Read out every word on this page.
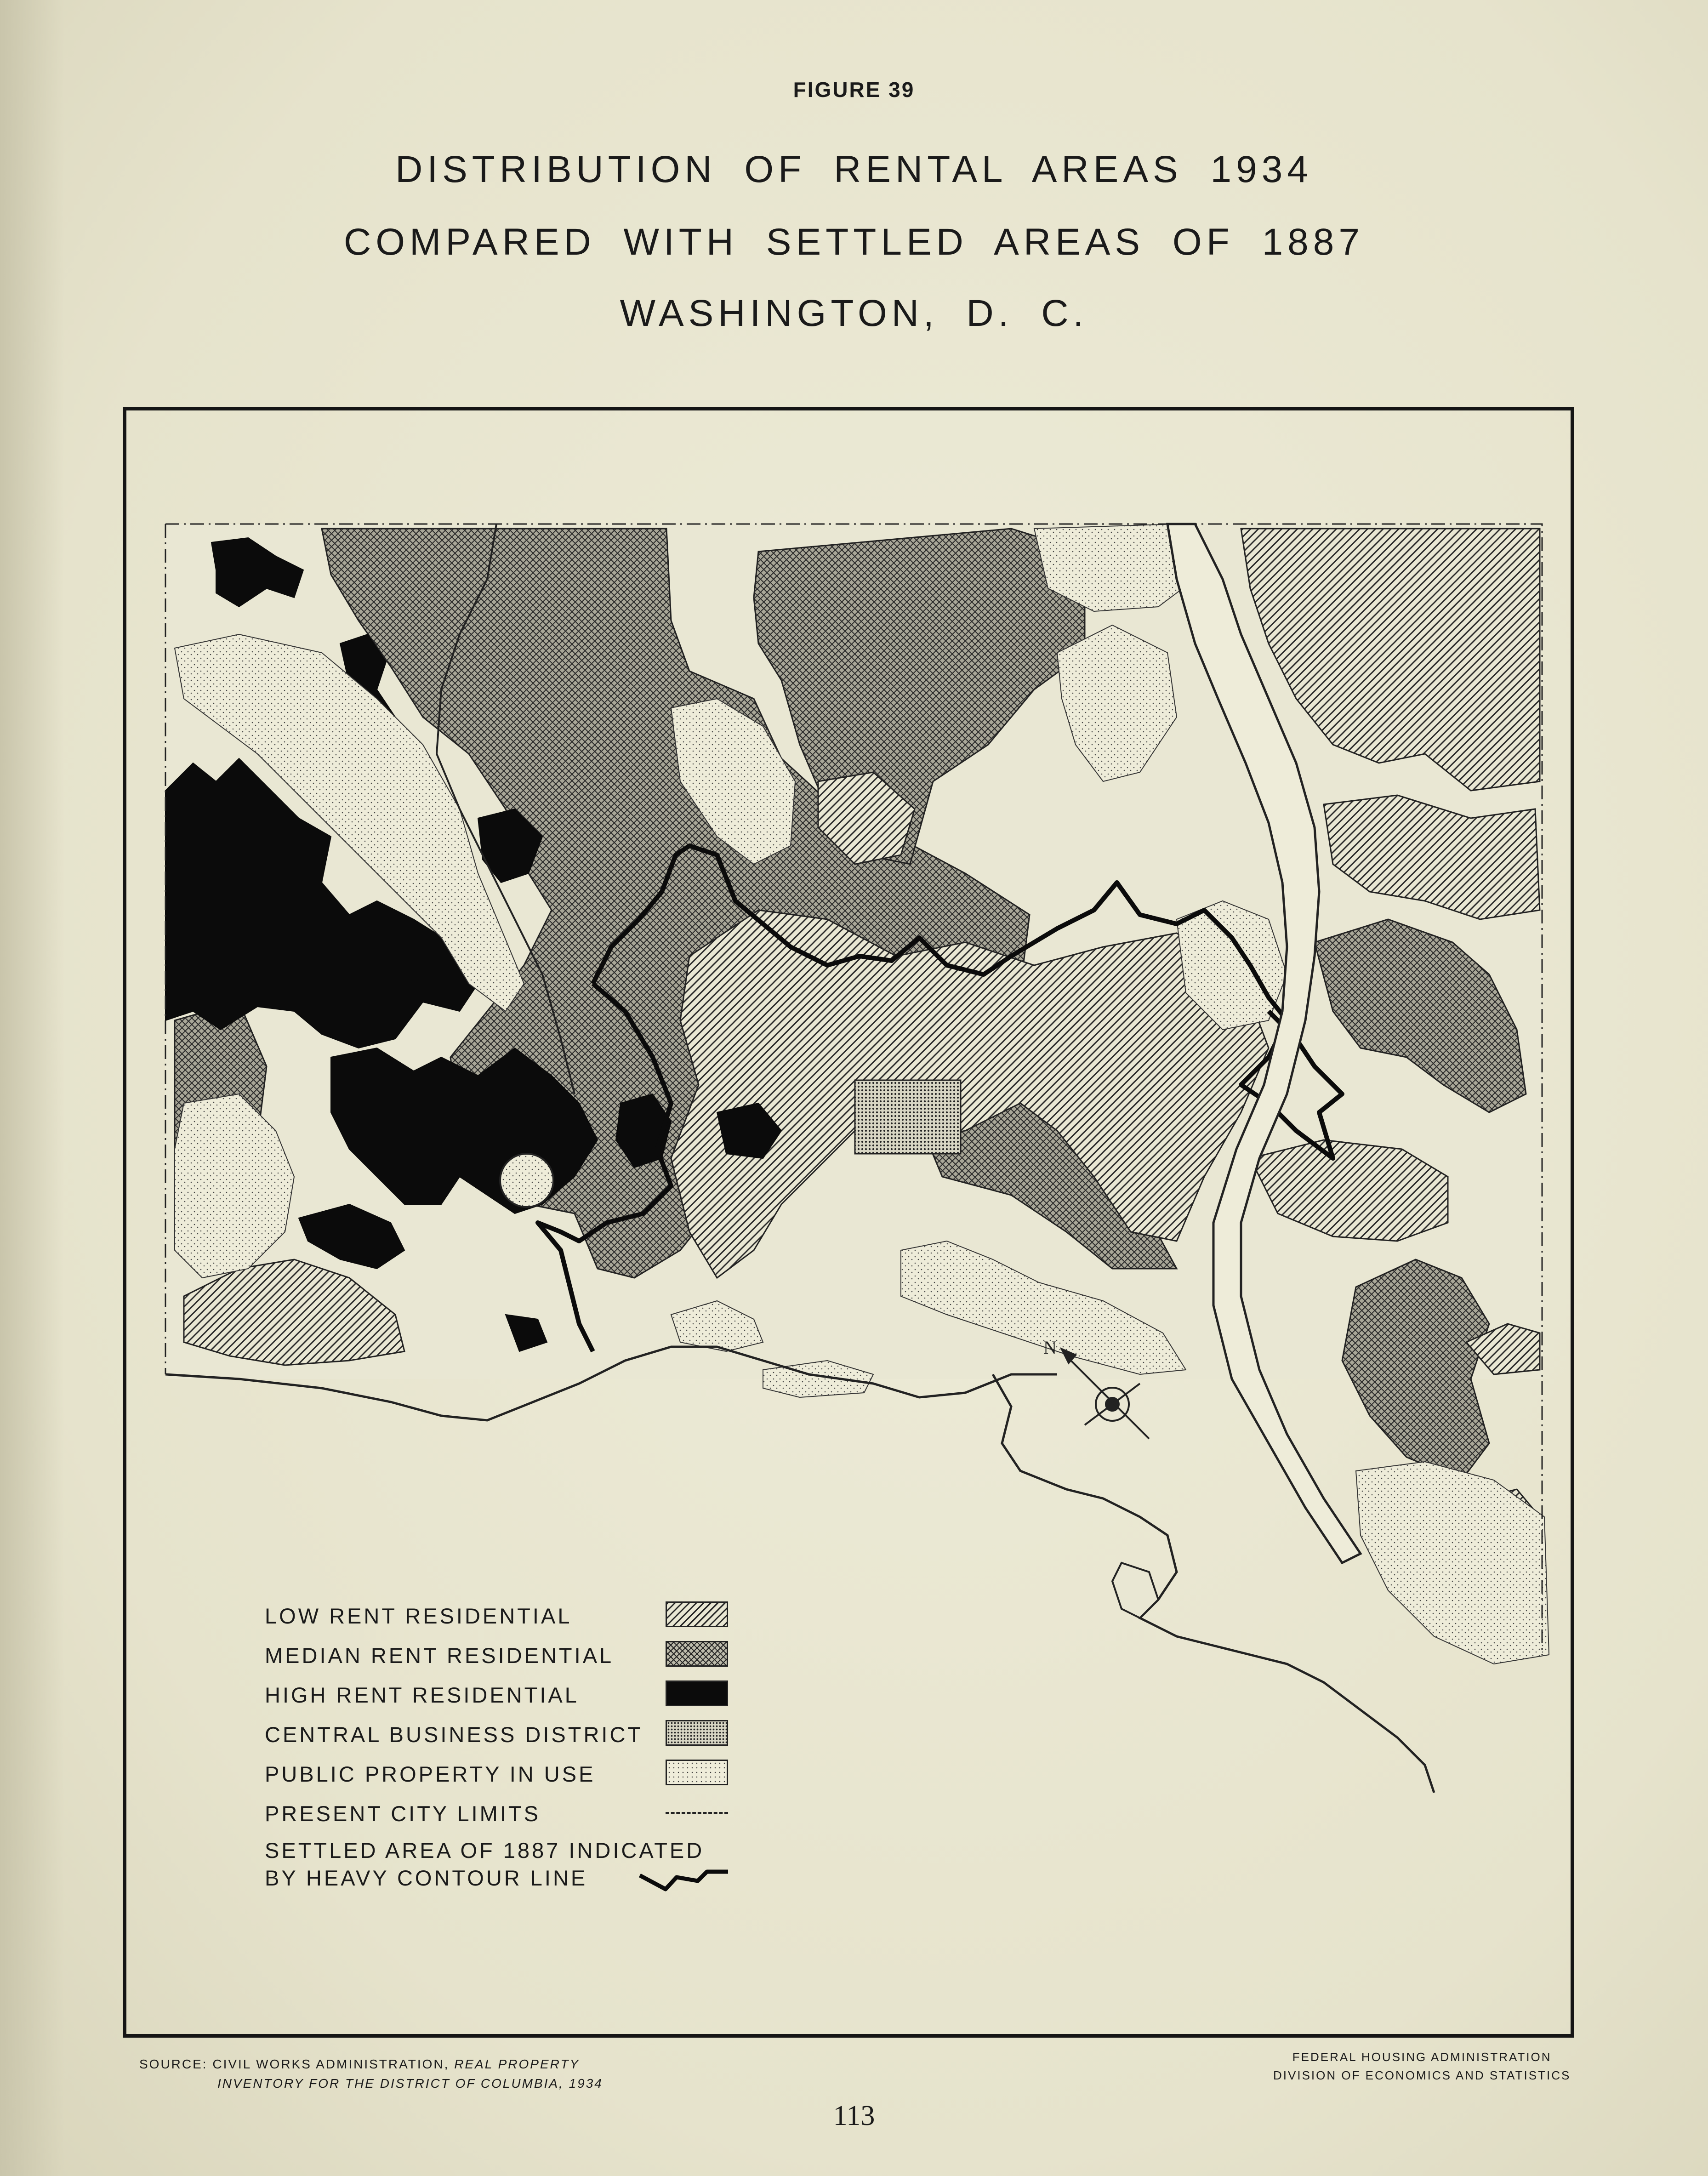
FIGURE 39
DISTRIBUTION OF RENTAL AREAS 1934
COMPARED WITH SETTLED AREAS OF 1887
WASHINGTON, D. C.
N
LOW RENT RESIDENTIAL
MEDIAN RENT RESIDENTIAL
HIGH RENT RESIDENTIAL
CENTRAL BUSINESS DISTRICT
PUBLIC PROPERTY IN USE
PRESENT CITY LIMITS
SETTLED AREA OF 1887 INDICATED
BY HEAVY CONTOUR LINE
SOURCE: CIVIL WORKS ADMINISTRATION, REAL PROPERTY
INVENTORY FOR THE DISTRICT OF COLUMBIA, 1934
FEDERAL HOUSING ADMINISTRATION
DIVISION OF ECONOMICS AND STATISTICS
113
